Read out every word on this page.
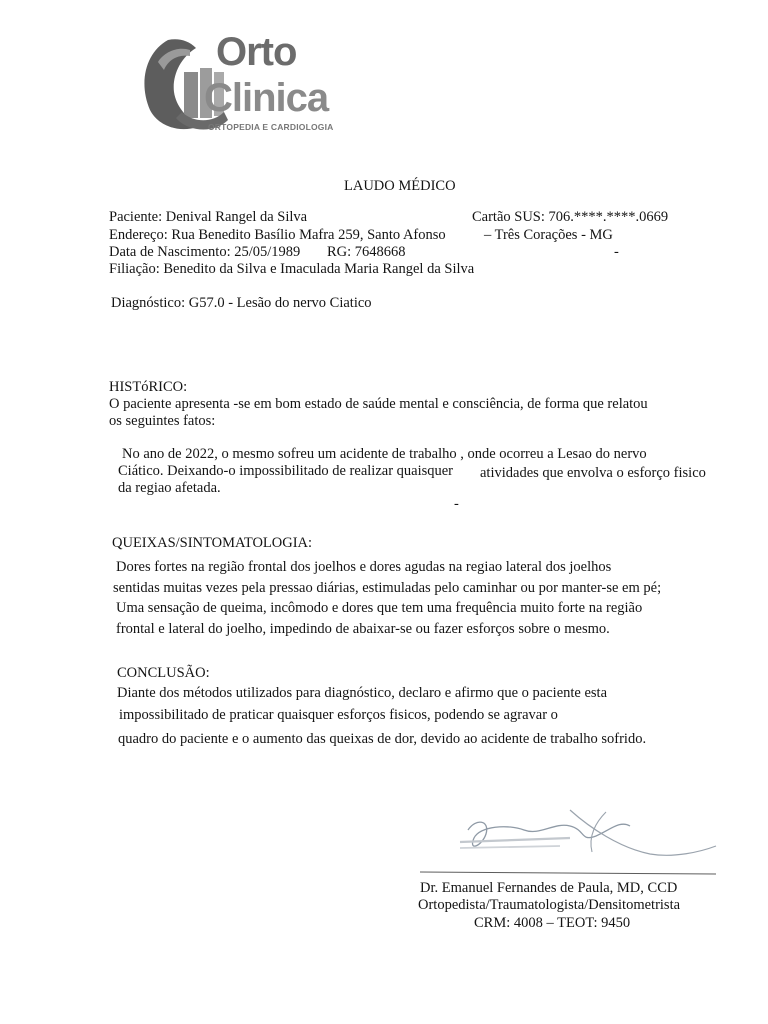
Orto
Clinica
ORTOPEDIA E CARDIOLOGIA
LAUDO MÉDICO
Paciente: Denival Rangel da Silva	Cartão SUS: 706.****.****.0669
Endereço: Rua Benedito Basílio Mafra 259, Santo Afonso	– Três Corações - MG
Data de Nascimento: 25/05/1989 RG: 7648668	-
Filiação: Benedito da Silva e Imaculada Maria Rangel da Silva
Diagnóstico: G57.0 - Lesão do nervo Ciatico
HISTóRICO:
O paciente apresenta -se em bom estado de saúde mental e consciência, de forma que relatou
os seguintes fatos:
No ano de 2022, o mesmo sofreu um acidente de trabalho , onde ocorreu a Lesao do nervo
Ciático. Deixando-o impossibilitado de realizar quaisquer atividades que envolva o esforço fisico
da regiao afetada.
-
QUEIXAS/SINTOMATOLOGIA:
Dores fortes na região frontal dos joelhos e dores agudas na regiao lateral dos joelhos
sentidas muitas vezes pela pressao diárias, estimuladas pelo caminhar ou por manter-se em pé;
Uma sensação de queima, incômodo e dores que tem uma frequência muito forte na região
frontal e lateral do joelho, impedindo de abaixar-se ou fazer esforços sobre o mesmo.
CONCLUSÃO:
Diante dos métodos utilizados para diagnóstico, declaro e afirmo que o paciente esta
impossibilitado de praticar quaisquer esforços fisicos, podendo se agravar o
quadro do paciente e o aumento das queixas de dor, devido ao acidente de trabalho sofrido.
Dr. Emanuel Fernandes de Paula, MD, CCD
Ortopedista/Traumatologista/Densitometrista
CRM: 4008 – TEOT: 9450
